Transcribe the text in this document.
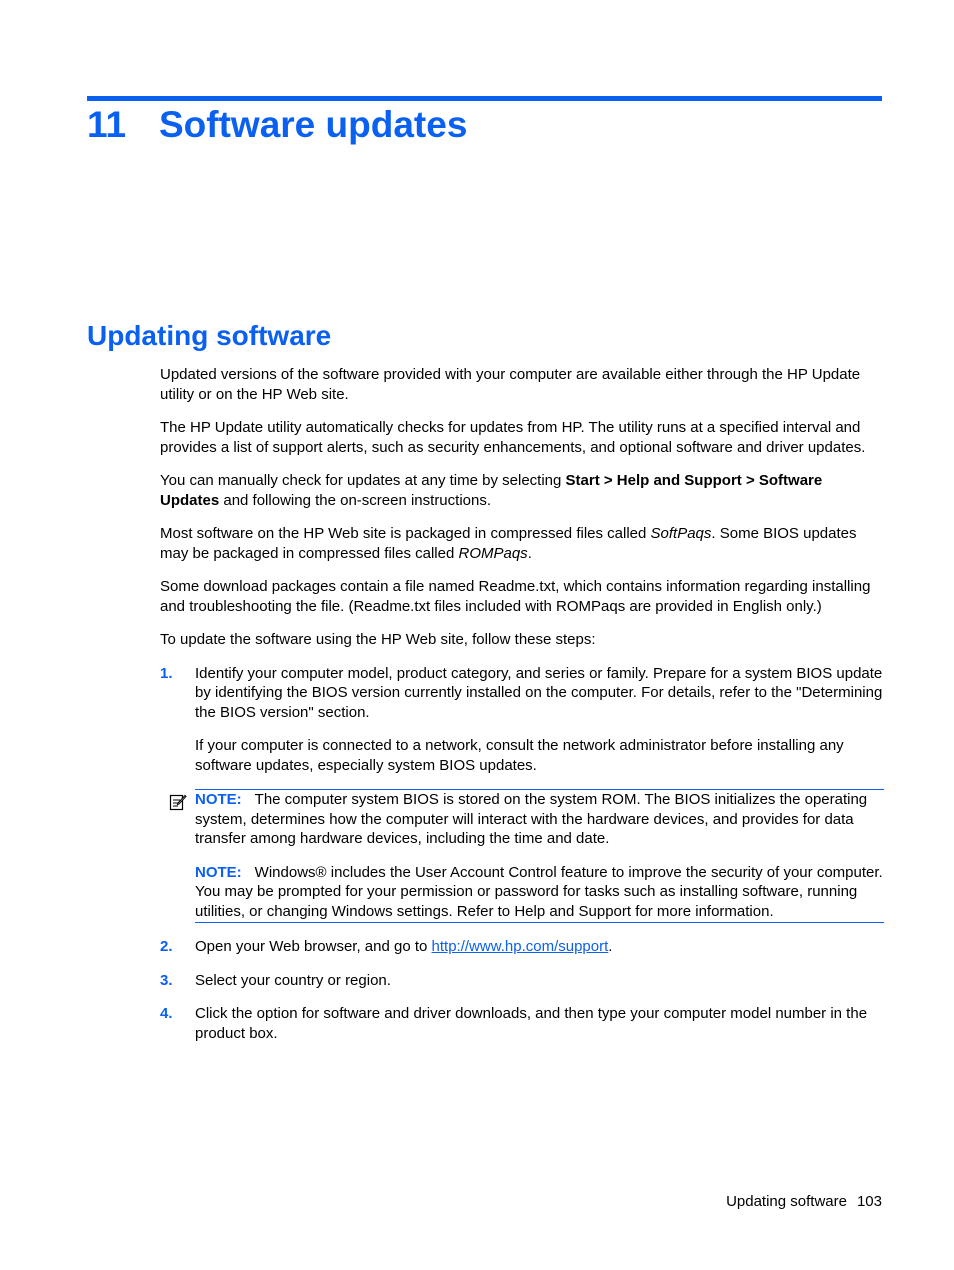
11 Software updates
Updating software

Updated versions of the software provided with your computer are available either through the HP Update utility or on the HP Web site.

The HP Update utility automatically checks for updates from HP. The utility runs at a specified interval and provides a list of support alerts, such as security enhancements, and optional software and driver updates.

You can manually check for updates at any time by selecting Start > Help and Support > Software Updates and following the on-screen instructions.

Most software on the HP Web site is packaged in compressed files called SoftPaqs. Some BIOS updates may be packaged in compressed files called ROMPaqs.

Some download packages contain a file named Readme.txt, which contains information regarding installing and troubleshooting the file. (Readme.txt files included with ROMPaqs are provided in English only.)

To update the software using the HP Web site, follow these steps:

1. Identify your computer model, product category, and series or family. Prepare for a system BIOS update by identifying the BIOS version currently installed on the computer. For details, refer to the "Determining the BIOS version" section.

If your computer is connected to a network, consult the network administrator before installing any software updates, especially system BIOS updates.

NOTE: The computer system BIOS is stored on the system ROM. The BIOS initializes the operating system, determines how the computer will interact with the hardware devices, and provides for data transfer among hardware devices, including the time and date.

NOTE: Windows® includes the User Account Control feature to improve the security of your computer. You may be prompted for your permission or password for tasks such as installing software, running utilities, or changing Windows settings. Refer to Help and Support for more information.

2. Open your Web browser, and go to http://www.hp.com/support.

3. Select your country or region.

4. Click the option for software and driver downloads, and then type your computer model number in the product box.

Updating software 103
